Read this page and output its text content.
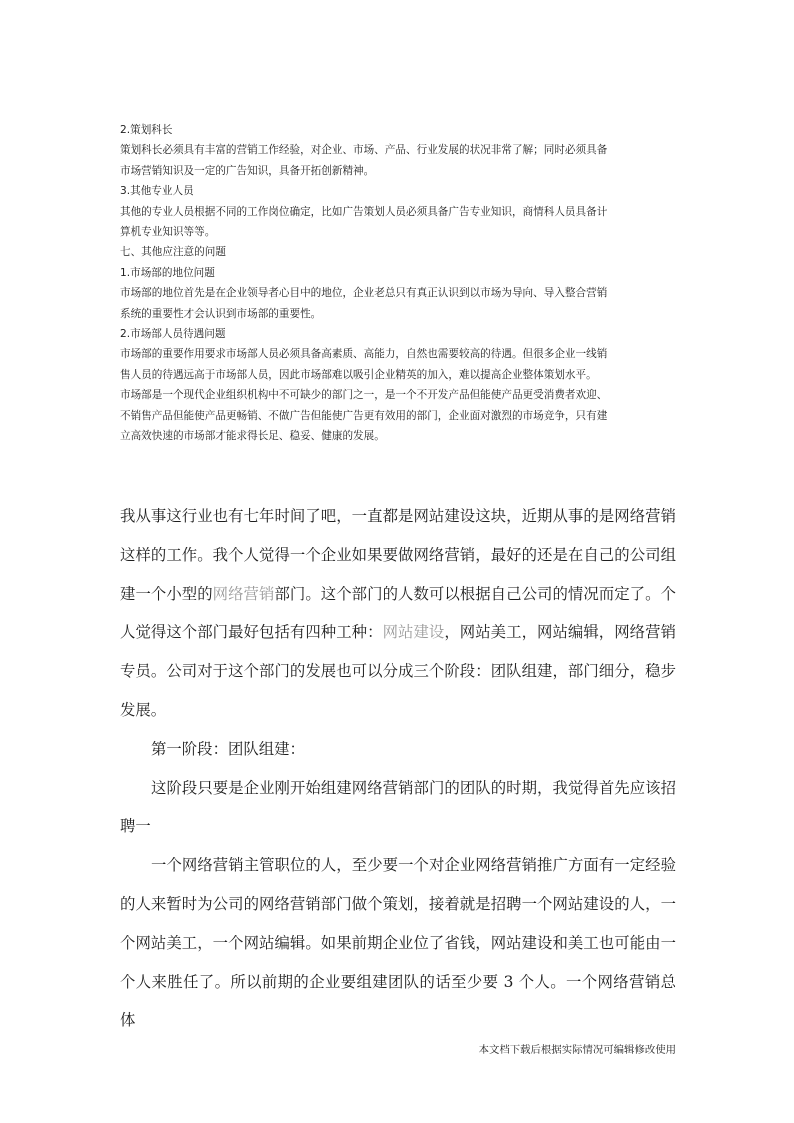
2.策划科长

策划科长必须具有丰富的营销工作经验，对企业、市场、产品、行业发展的状况非常了解；同时必须具备

市场营销知识及一定的广告知识，具备开拓创新精神。

3.其他专业人员

其他的专业人员根据不同的工作岗位确定，比如广告策划人员必须具备广告专业知识，商情科人员具备计

算机专业知识等等。

七、其他应注意的问题

1.市场部的地位问题

市场部的地位首先是在企业领导者心目中的地位，企业老总只有真正认识到以市场为导向、导入整合营销

系统的重要性才会认识到市场部的重要性。

2.市场部人员待遇问题

市场部的重要作用要求市场部人员必须具备高素质、高能力，自然也需要较高的待遇。但很多企业一线销

售人员的待遇远高于市场部人员，因此市场部难以吸引企业精英的加入，难以提高企业整体策划水平。

市场部是一个现代企业组织机构中不可缺少的部门之一，是一个不开发产品但能使产品更受消费者欢迎、

不销售产品但能使产品更畅销、不做广告但能使广告更有效用的部门，企业面对激烈的市场竞争，只有建

立高效快速的市场部才能求得长足、稳妥、健康的发展。

我从事这行业也有七年时间了吧，一直都是网站建设这块，近期从事的是网络营销这样的工作。我个人觉得一个企业如果要做网络营销，最好的还是在自己的公司组建一个小型的网络营销部门。这个部门的人数可以根据自己公司的情况而定了。个人觉得这个部门最好包括有四种工种：网站建设，网站美工，网站编辑，网络营销专员。公司对于这个部门的发展也可以分成三个阶段：团队组建，部门细分，稳步发展。

第一阶段：团队组建：

这阶段只要是企业刚开始组建网络营销部门的团队的时期，我觉得首先应该招聘一

一个网络营销主管职位的人，至少要一个对企业网络营销推广方面有一定经验的人来暂时为公司的网络营销部门做个策划，接着就是招聘一个网站建设的人，一个网站美工，一个网站编辑。如果前期企业位了省钱，网站建设和美工也可能由一个人来胜任了。所以前期的企业要组建团队的话至少要 3 个人。一个网络营销总体

本文档下载后根据实际情况可编辑修改使用
